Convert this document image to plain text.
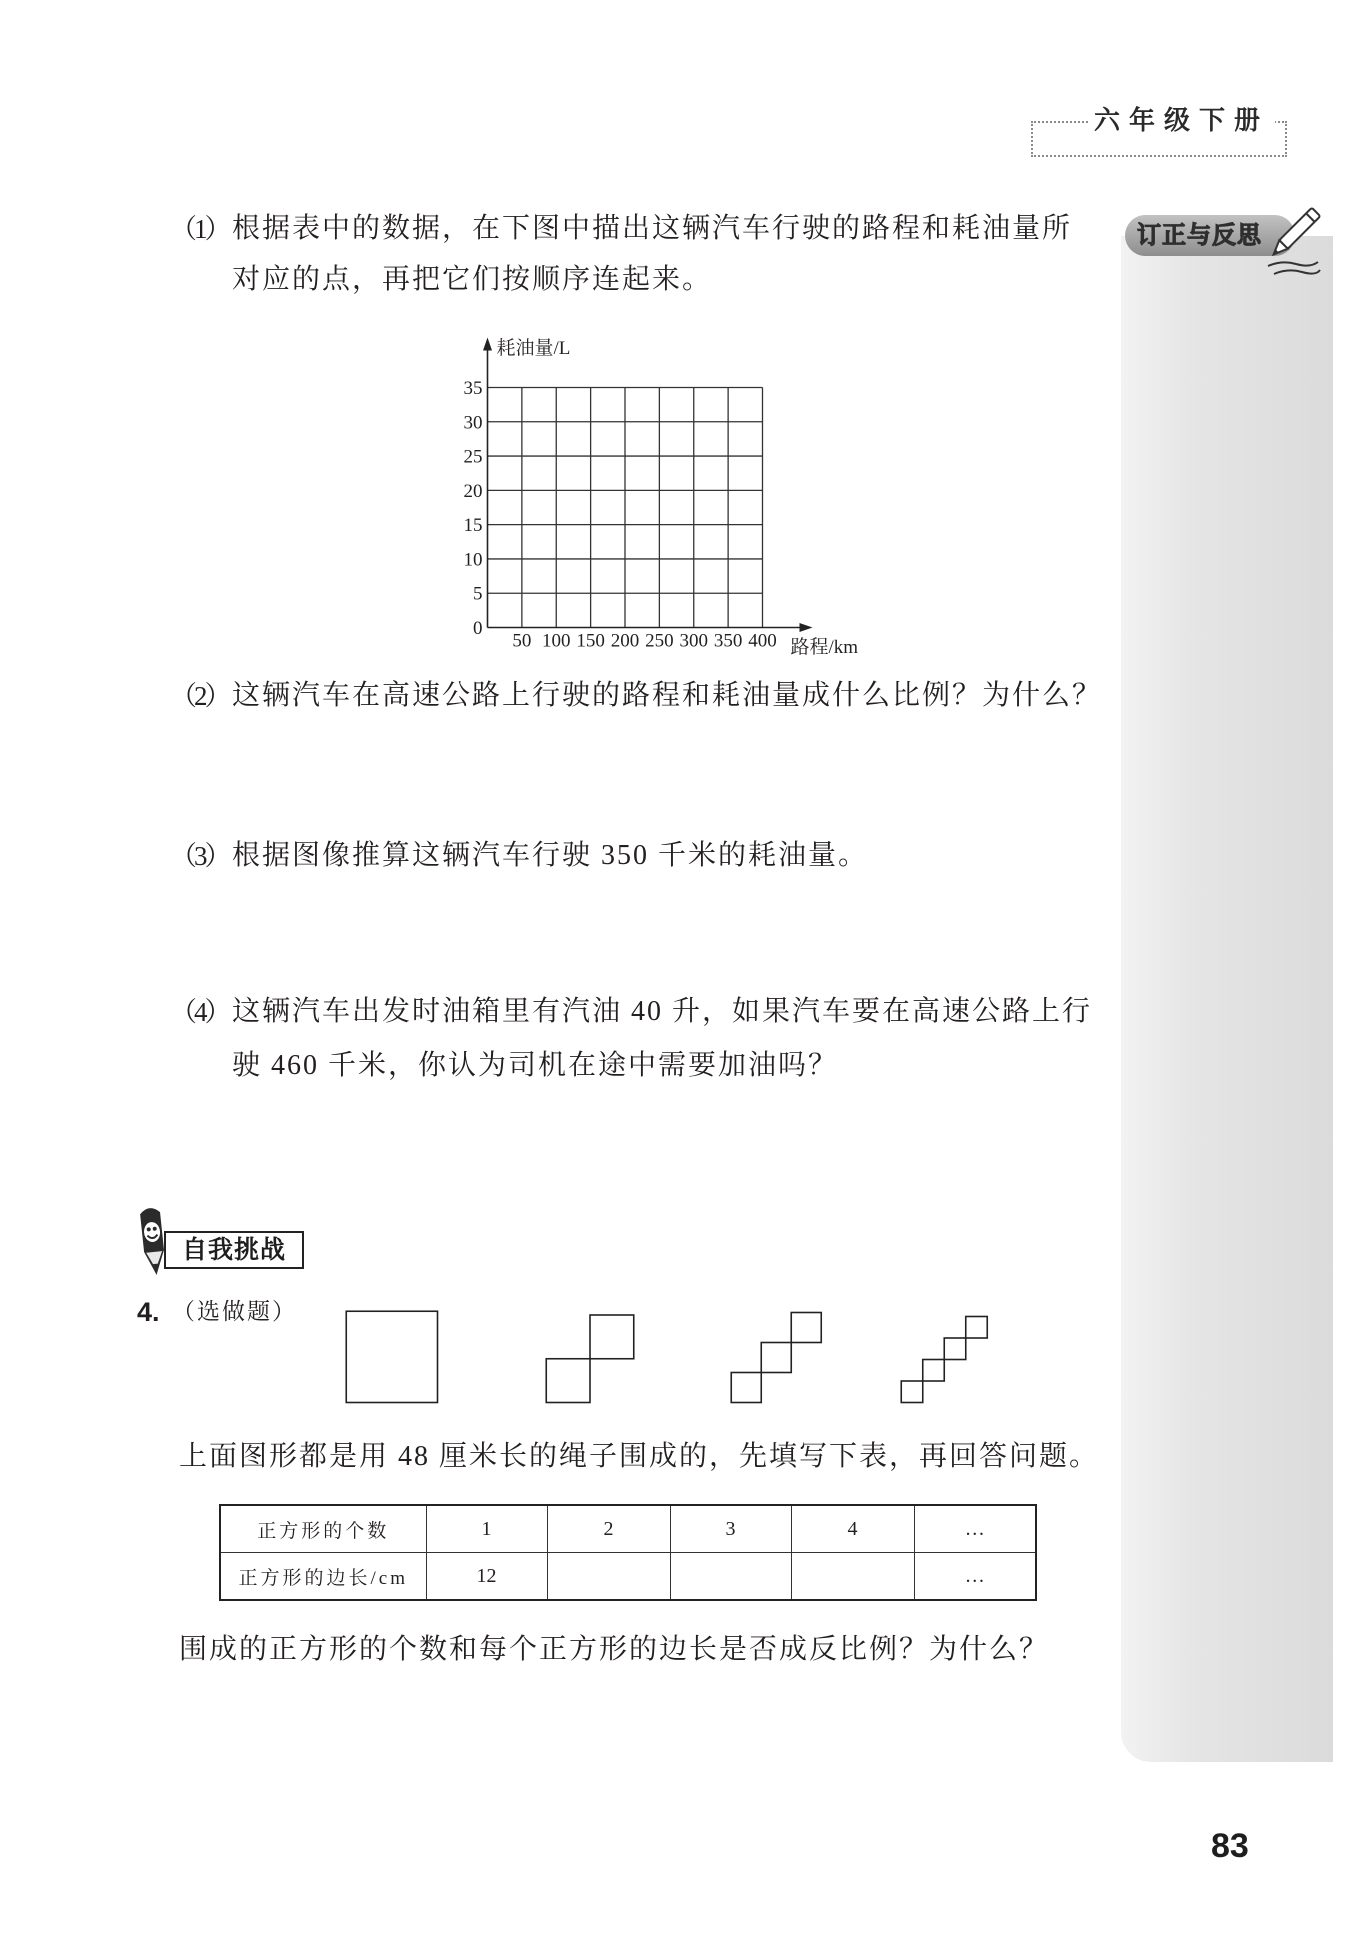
六年级下册
订正与反思
（1） 根据表中的数据，在下图中描出这辆汽车行驶的路程和耗油量所
对应的点，再把它们按顺序连起来。
0
5
10
15
20
25
30
35
50 100 150 200 250 300 350 400
耗油量/L
路程/km
（2） 这辆汽车在高速公路上行驶的路程和耗油量成什么比例？为什么？
（3） 根据图像推算这辆汽车行驶 350 千米的耗油量。
（4） 这辆汽车出发时油箱里有汽油 40 升，如果汽车要在高速公路上行
驶 460 千米，你认为司机在途中需要加油吗？
自我挑战
4. （选做题）
上面图形都是用 48 厘米长的绳子围成的，先填写下表，再回答问题。
正方形的个数	1	2	3	4	…
正方形的边长/cm	12				…
围成的正方形的个数和每个正方形的边长是否成反比例？为什么？
83
